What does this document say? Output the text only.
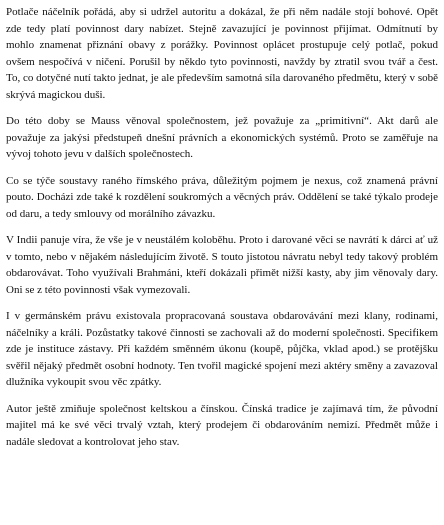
Potlače náčelník pořádá, aby si udržel autoritu a dokázal, že při něm nadále stojí bohové. Opět zde tedy platí povinnost dary nabízet. Stejně zavazující je povinnost přijímat. Odmítnutí by mohlo znamenat přiznání obavy z porážky. Povinnost oplácet prostupuje celý potlač, pokud ovšem nespočívá v ničení. Porušil by někdo tyto povinnosti, navždy by ztratil svou tvář a čest. To, co dotyčné nutí takto jednat, je ale především samotná síla darovaného předmětu, který v sobě skrývá magickou duši.

Do této doby se Mauss věnoval společnostem, jež považuje za „primitivní“. Akt darů ale považuje za jakýsi předstupeň dnešní právních a ekonomických systémů. Proto se zaměřuje na vývoj tohoto jevu v dalších společnostech.

Co se týče soustavy raného římského práva, důležitým pojmem je nexus, což znamená právní pouto. Docházi zde také k rozdělení soukromých a věcných práv. Oddělení se také týkalo prodeje od daru, a tedy smlouvy od morálního závazku.

V Indii panuje víra, že vše je v neustálém koloběhu. Proto i darované věci se navrátí k dárci ať už v tomto, nebo v nějakém následujícím životě. S touto jistotou návratu nebyl tedy takový problém obdarovávat. Toho využívali Brahmáni, kteří dokázali přimět nižší kasty, aby jim věnovaly dary. Oni se z této povinnosti však vymezovali.

I v germánském právu existovala propracovaná soustava obdarovávání mezi klany, rodinami, náčelníky a králi. Pozůstatky takové činnosti se zachovali až do moderní společnosti. Specifikem zde je instituce zástavy. Při každém směnném úkonu (koupě, půjčka, vklad apod.) se protějšku svěřil nějaký předmět osobní hodnoty. Ten tvořil magické spojení mezi aktéry směny a zavazoval dlužníka vykoupit svou věc zpátky.

Autor ještě zmiňuje společnost keltskou a čínskou. Čínská tradice je zajímavá tím, že původní majitel má ke své věci trvalý vztah, který prodejem či obdarováním nemizí. Předmět může i nadále sledovat a kontrolovat jeho stav.
